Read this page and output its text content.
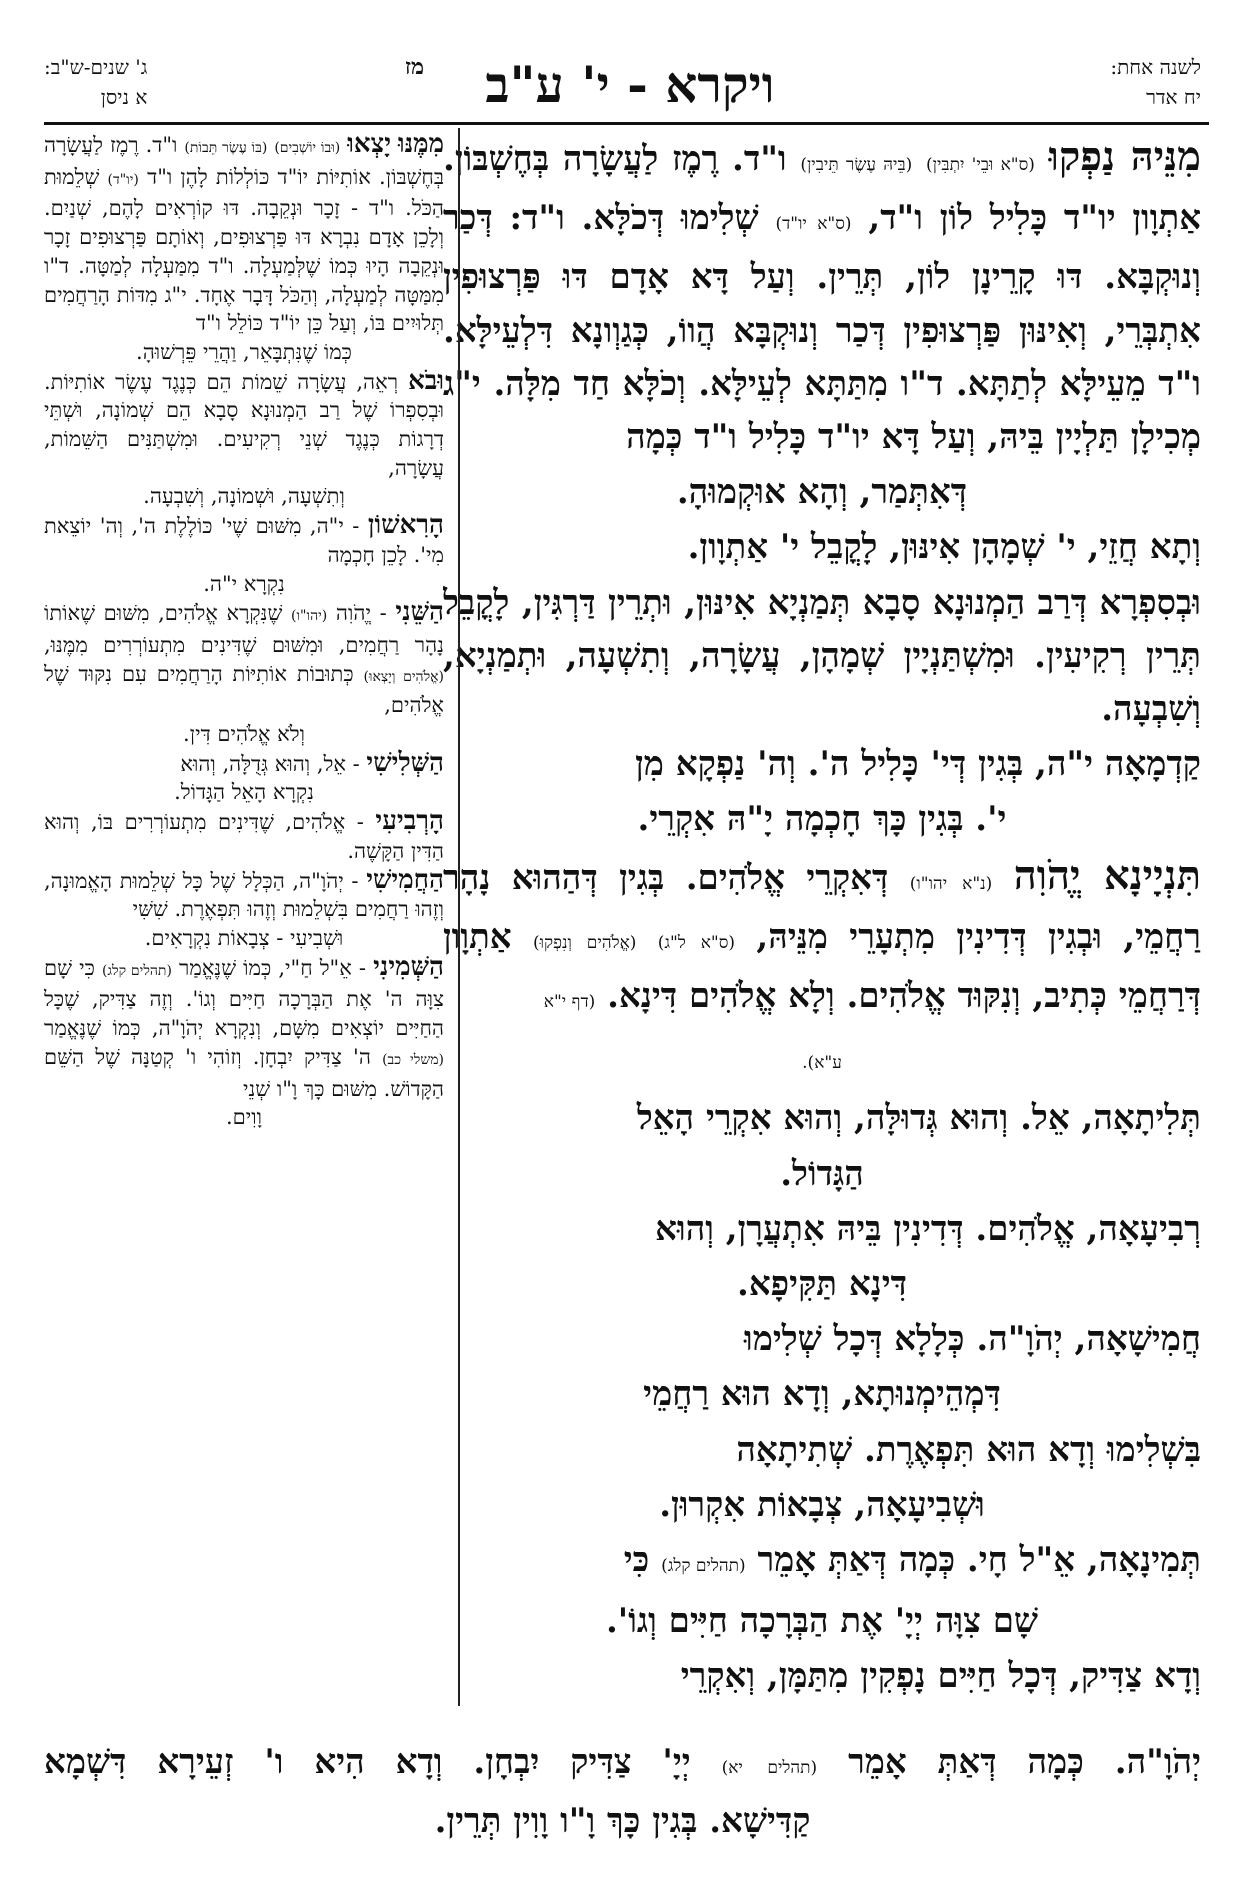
לשנה אחת:
יח אדר
ויקרא - י' ע"ב
ג' שנים-ש"ב:
א ניסן
מז

מִנֵּיהּ נַפְקוּ (ס"א וּבֵי' יִתְבִּין) (בֵּיהּ עֶשֶׂר תֵּיבִין) ו"ד. רֶמֶז לַעֲשָׂרָה בְּחֶשְׁבּוֹן. אַתְוָון יו"ד כָּלִיל לוֹן ו"ד, (ס"א יו"ד) שְׁלִימוּ דְּכֹלָּא. ו"ד: דְּכַר וְנוּקְבָּא. דּוּ קָרֵינָן לוֹן, תְּרֵין. וְעַל דָּא אָדָם דּוּ פַּרְצוּפִין אִתְבְּרֵי, וְאִינּוּן פַּרְצוּפִין דְּכַר וְנוּקְבָּא הֲווֹ, כְּגַוְונָא דִּלְעֵילָּא. ו"ד מֵעֵילָּא לְתַתָּא. ד"ו מִתַּתָּא לְעֵילָּא. וְכֹלָּא חַד מִלָּה. י"ג מְכִילָן תַּלְיָין בֵּיהּ, וְעַל דָּא יו"ד כָּלִיל ו"ד כְּמָה

דְּאִתְּמַר, וְהָא אוּקְמוּהָ.

וְתָא חֲזֵי, י' שְׁמָהָן אִינּוּן, לָקֳבֵל י' אַתְוָון.

וּבְסִפְרָא דְּרַב הַמְנוּנָא סָבָא תְּמַנְיָא אִינּוּן, וּתְרֵין דַּרְגִּין, לָקֳבֵל תְּרֵין רְקִיעִין. וּמִשְׁתַּנְיָין שְׁמָהָן, עֲשָׂרָה, וְתִשְׁעָה, וּתְמַנְיָא, וְשִׁבְעָה.

קַדְמָאָה י"ה, בְּגִין דְּי' כָּלִיל ה'. וְה' נַפְקָא מִן

י'. בְּגִין כָּךְ חָכְמָה יָ"הּ אִקְרֵי.

תִּנְיָינָא יֱהֹוִה (נ"א יהו"ו) דְּאִקְרֵי אֱלֹהִים. בְּגִין דְּהַהוּא נָהָר רַחֲמֵי, וּבְגִין דְּדִינִין מִתְעָרֵי מִנֵּיהּ, (ס"א ל"ג) (אֱלֹהִים וְנִפְקוּ) אַתְוָון דְּרַחֲמֵי כְּתִיב, וְנִקּוּד אֱלֹהִים. וְלָא אֱלֹהִים דִּינָא. (דף י"א

ע"א).

תְּלִיתָאָה, אֵל. וְהוּא גְּדוּלָּה, וְהוּא אִקְרֵי הָאֵל

הַגָּדוֹל.

רְבִיעָאָה, אֱלֹהִים. דְּדִינִין בֵּיהּ אִתְעֲרָן, וְהוּא

דִּינָא תַּקִּיפָא.

חֲמִישָׁאָה, יְהֹוָ"ה. כְּלָלָא דְּכָל שְׁלִימוּ

דִּמְהֵימְנוּתָא, וְדָא הוּא רַחֲמֵי

בִּשְׁלִימוּ וְדָא הוּא תִּפְאֶרֶת. שְׁתִיתָאָה

וּשְׁבִיעָאָה, צְבָאוֹת אִקְרוּן.

תְּמִינָאָה, אֵ"ל חָי. כְּמָה דְּאַתְּ אָמֵר (תהלים קלג) כִּי

שָׁם צִוָּה יְיָ' אֶת הַבְּרָכָה חַיִּים וְגוֹ'.

וְדָא צַדִּיק, דְּכָל חַיִּים נָפְקִין מִתַּמָּן, וְאִקְרֵי

מִמֶּנּוּ יָצְאוּ (וּבוֹ יוֹשְׁבִים) (בּוֹ עֶשֶׂר תֵּבוֹת) ו"ד. רֶמֶז לַעֲשָׂרָה בְּחֶשְׁבּוֹן. אוֹתִיּוֹת יוֹ"ד כּוֹלְלוֹת לָהֶן ו"ד (יו"ד) שְׁלֵמוּת הַכֹּל. ו"ד - זָכָר וּנְקֵבָה. דּוּ קוֹרְאִים לָהֶם, שְׁנַיִם. וְלָכֵן אָדָם נִבְרָא דּוּ פַּרְצוּפִים, וְאוֹתָם פַּרְצוּפִים זָכָר וּנְקֵבָה הָיוּ כְּמוֹ שֶׁלְּמַעְלָה. ו"ד מִמַּעְלָה לְמַטָּה. ד"ו מִמַּטָּה לְמַעְלָה, וְהַכֹּל דָּבָר אֶחָד. י"ג מִדּוֹת הָרַחֲמִים תְּלוּיִים בּוֹ, וְעַל כֵּן יוֹ"ד כּוֹלֵל ו"ד

כְּמוֹ שֶׁנִּתְבָּאֵר, וַהֲרֵי פֵּרְשׁוּהָ.

וּבֹא רְאֵה, עֲשָׂרָה שֵׁמוֹת הֵם כְּנֶגֶד עֶשֶׂר אוֹתִיּוֹת. וּבְסִפְרוֹ שֶׁל רַב הַמְנוּנָא סָבָא הֵם שְׁמוֹנָה, וּשְׁתֵּי דְרָגוֹת כְּנֶגֶד שְׁנֵי רְקִיעִים. וּמִשְׁתַּנִּים הַשֵּׁמוֹת, עֲשָׂרָה,

וְתִשְׁעָה, וּשְׁמוֹנָה, וְשִׁבְעָה.

הָרִאשׁוֹן - י"ה, מִשּׁוּם שֶׁי' כּוֹלֶלֶת ה', וְה' יוֹצֵאת מִי'. לָכֵן חָכְמָה

נִקְרָא י"ה.

הַשֵּׁנִי - יֱהֹוִה (יהו"ו) שֶׁנִּקְרָא אֱלֹהִים, מִשּׁוּם שֶׁאוֹתוֹ נָהָר רַחֲמִים, וּמִשּׁוּם שֶׁדִּינִים מִתְעוֹרְרִים מִמֶּנּוּ, (אֱלֹהִים וְיָצְאוּ) כְּתוּבוֹת אוֹתִיּוֹת הָרַחֲמִים עִם נִקּוּד שֶׁל אֱלֹהִים,

וְלֹא אֱלֹהִים דִּין.

הַשְּׁלִישִׁי - אֵל, וְהוּא גְּדֻלָּה, וְהוּא

נִקְרָא הָאֵל הַגָּדוֹל.

הָרְבִיעִי - אֱלֹהִים, שֶׁדִּינִים מִתְעוֹרְרִים בּוֹ, וְהוּא הַדִּין הַקָּשֶׁה.

הַחֲמִישִׁי - יְהֹוָ"ה, הַכְּלָל שֶׁל כָּל שְׁלֵמוּת הָאֱמוּנָה, וְזֶהוּ רַחֲמִים בִּשְׁלֵמוּת וְזֶהוּ תִּפְאֶרֶת. שִׁשִּׁי

וּשְׁבִיעִי - צְבָאוֹת נִקְרָאִים.

הַשְּׁמִינִי - אֵ"ל חַ"י, כְּמוֹ שֶׁנֶּאֱמַר (תהלים קלג) כִּי שָׁם צִוָּה ה' אֶת הַבְּרָכָה חַיִּים וְגוֹ'. וְזֶה צַדִּיק, שֶׁכָּל הַחַיִּים יוֹצְאִים מִשָּׁם, וְנִקְרָא יְהֹוָ"ה, כְּמוֹ שֶׁנֶּאֱמַר (משלי כב) ה' צַדִּיק יִבְחָן. וְזוֹהִי ו' קְטַנָּה שֶׁל הַשֵּׁם הַקָּדוֹשׁ. מִשּׁוּם כָּךְ וָ"ו שְׁנֵי

וָוִים.

יְהֹוָ"ה. כְּמָה דְּאַתְּ אָמֵר (תהלים יא) יְיָ' צַדִּיק יִבְחָן. וְדָא הִיא ו' זְעֵירָא דִּשְׁמָא

קַדִּישָׁא. בְּגִין כָּךְ וָ"ו וָוִין תְּרֵין.
